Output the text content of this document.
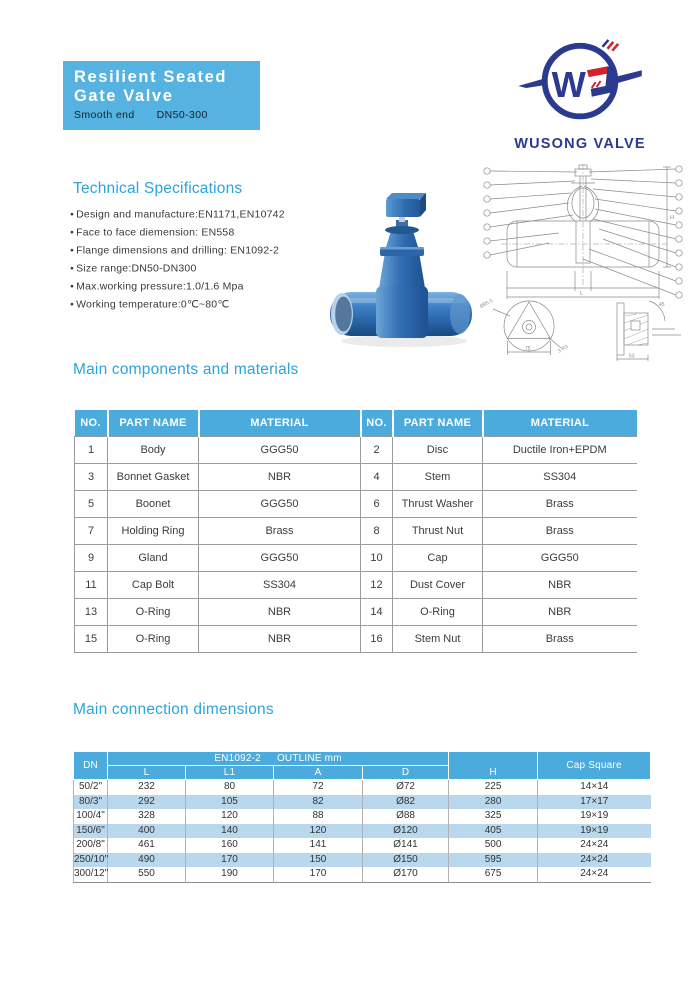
Resilient Seated
Gate Valve
Smooth end DN50-300
W
WUSONG VALVE
Technical Specifications
● Design and manufacture:EN1171,EN10742
● Face to face diemension: EN558
● Flange dimensions and drilling: EN1092-2
● Size range:DN50-DN300
● Max.working pressure:1.0/1.6 Mpa
● Working temperature:0℃~80℃
L
H
Ø95.5
3-R3
75
45
53
Main components and materials
NO.	PART NAME	MATERIAL	NO.	PART NAME	MATERIAL
1	Body	GGG50	2	Disc	Ductile Iron+EPDM
3	Bonnet Gasket	NBR	4	Stem	SS304
5	Boonet	GGG50	6	Thrust Washer	Brass
7	Holding Ring	Brass	8	Thrust Nut	Brass
9	Gland	GGG50	10	Cap	GGG50
11	Cap Bolt	SS304	12	Dust Cover	NBR
13	O-Ring	NBR	14	O-Ring	NBR
15	O-Ring	NBR	16	Stem Nut	Brass
Main connection dimensions
DN	EN1092-2 OUTLINE mm				H	Cap Square
	L	L1	A	D		
50/2"	232	80	72	Ø72	225	14×14
80/3"	292	105	82	Ø82	280	17×17
100/4"	328	120	88	Ø88	325	19×19
150/6"	400	140	120	Ø120	405	19×19
200/8"	461	160	141	Ø141	500	24×24
250/10"	490	170	150	Ø150	595	24×24
300/12"	550	190	170	Ø170	675	24×24
